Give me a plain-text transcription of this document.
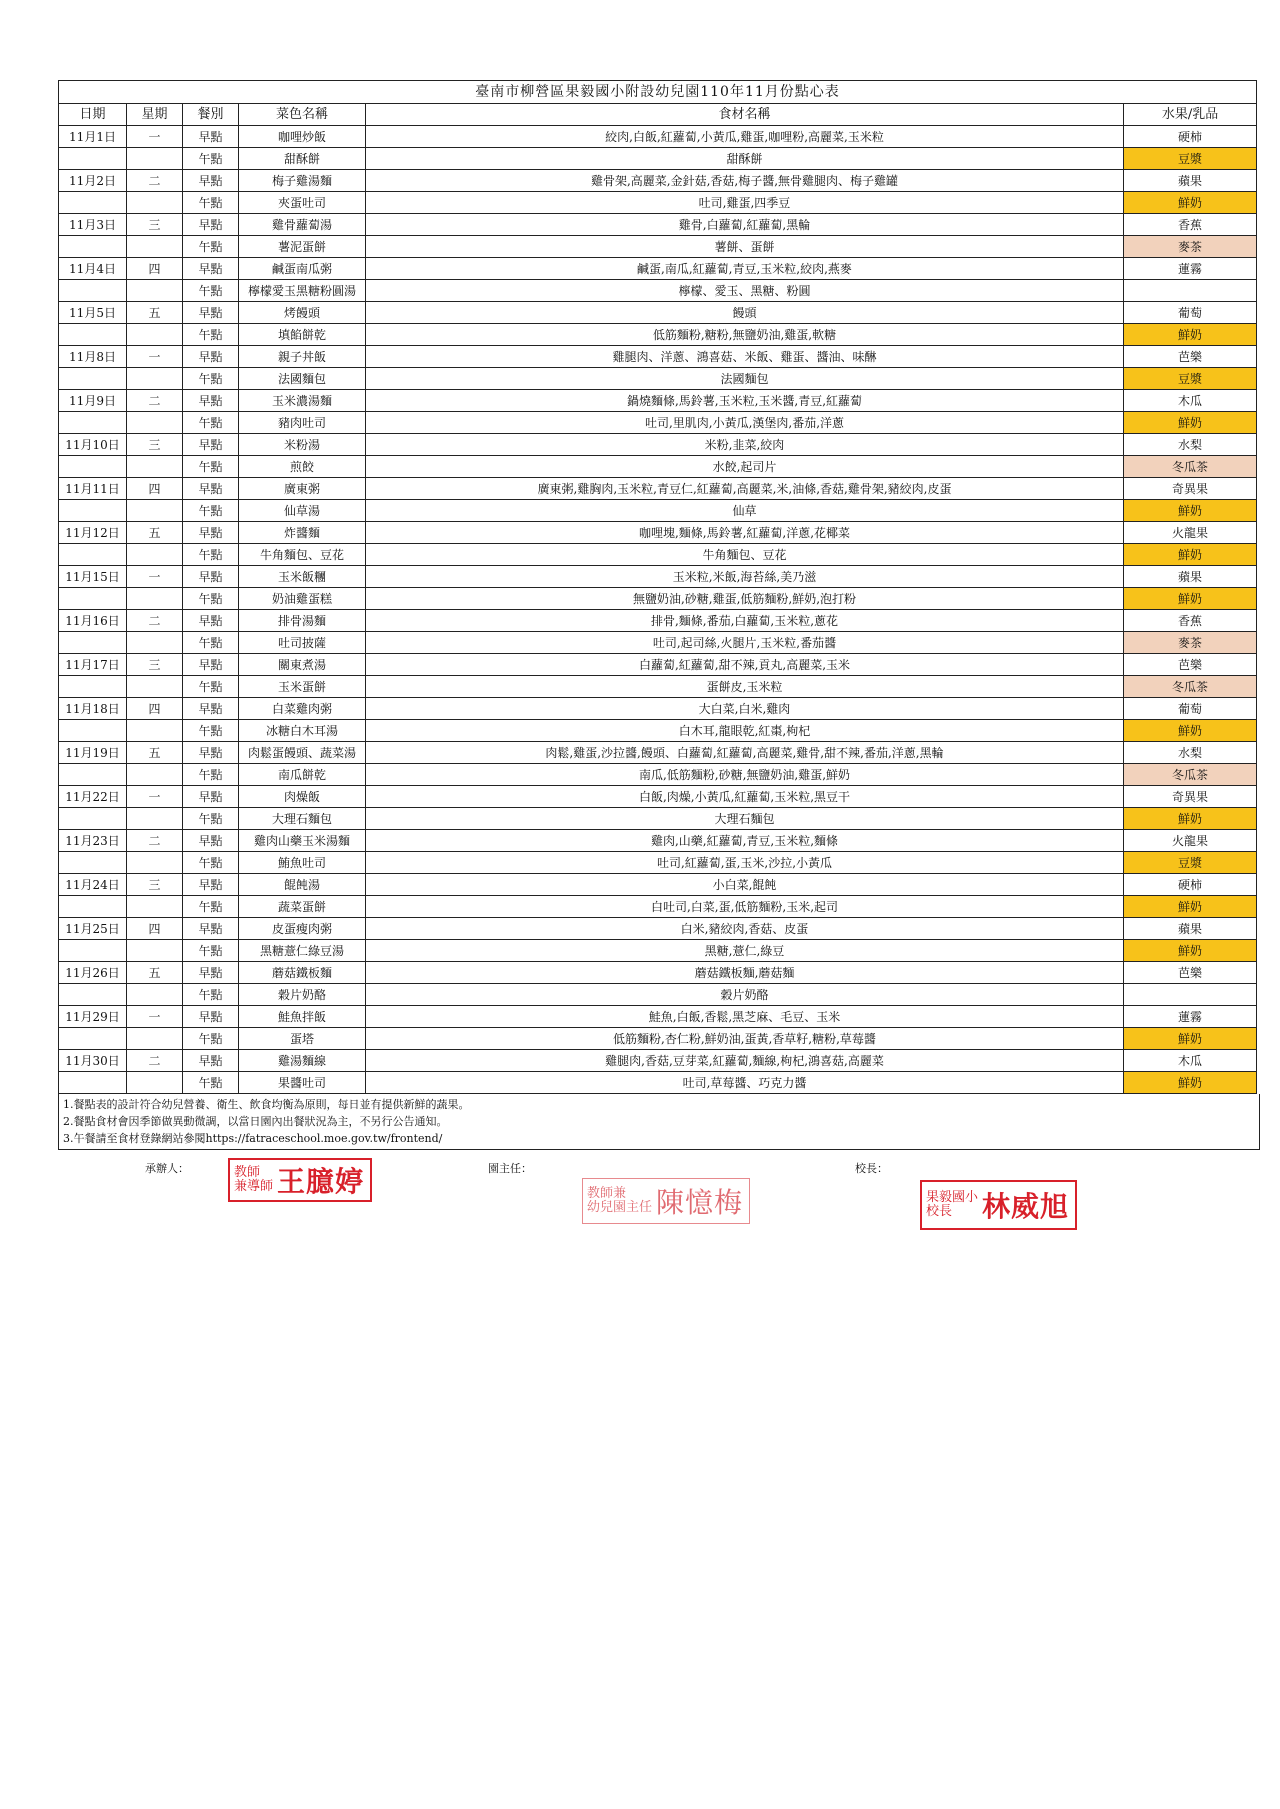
臺南市柳營區果毅國小附設幼兒園110年11月份點心表					
日期	星期	餐別	菜色名稱	食材名稱	水果/乳品
11月1日	一	早點	咖哩炒飯	絞肉,白飯,紅蘿蔔,小黃瓜,雞蛋,咖哩粉,高麗菜,玉米粒	硬柿
		午點	甜酥餅	甜酥餅	豆漿
11月2日	二	早點	梅子雞湯麵	雞骨架,高麗菜,金針菇,香菇,梅子醬,無骨雞腿肉、梅子雞罐	蘋果
		午點	夾蛋吐司	吐司,雞蛋,四季豆	鮮奶
11月3日	三	早點	雞骨蘿蔔湯	雞骨,白蘿蔔,紅蘿蔔,黑輪	香蕉
		午點	薯泥蛋餅	薯餅、蛋餅	麥茶
11月4日	四	早點	鹹蛋南瓜粥	鹹蛋,南瓜,紅蘿蔔,青豆,玉米粒,絞肉,燕麥	蓮霧
		午點	檸檬愛玉黑糖粉圓湯	檸檬、愛玉、黑糖、粉圓	
11月5日	五	早點	烤饅頭	饅頭	葡萄
		午點	填餡餅乾	低筋麵粉,糖粉,無鹽奶油,雞蛋,軟糖	鮮奶
11月8日	一	早點	親子丼飯	雞腿肉、洋蔥、鴻喜菇、米飯、雞蛋、醬油、味醂	芭樂
		午點	法國麵包	法國麵包	豆漿
11月9日	二	早點	玉米濃湯麵	鍋燒麵條,馬鈴薯,玉米粒,玉米醬,青豆,紅蘿蔔	木瓜
		午點	豬肉吐司	吐司,里肌肉,小黃瓜,漢堡肉,番茄,洋蔥	鮮奶
11月10日	三	早點	米粉湯	米粉,韭菜,絞肉	水梨
		午點	煎餃	水餃,起司片	冬瓜茶
11月11日	四	早點	廣東粥	廣東粥,雞胸肉,玉米粒,青豆仁,紅蘿蔔,高麗菜,米,油條,香菇,雞骨架,豬絞肉,皮蛋	奇異果
		午點	仙草湯	仙草	鮮奶
11月12日	五	早點	炸醬麵	咖哩塊,麵條,馬鈴薯,紅蘿蔔,洋蔥,花椰菜	火龍果
		午點	牛角麵包、豆花	牛角麵包、豆花	鮮奶
11月15日	一	早點	玉米飯糰	玉米粒,米飯,海苔絲,美乃滋	蘋果
		午點	奶油雞蛋糕	無鹽奶油,砂糖,雞蛋,低筋麵粉,鮮奶,泡打粉	鮮奶
11月16日	二	早點	排骨湯麵	排骨,麵條,番茄,白蘿蔔,玉米粒,蔥花	香蕉
		午點	吐司披薩	吐司,起司絲,火腿片,玉米粒,番茄醬	麥茶
11月17日	三	早點	關東煮湯	白蘿蔔,紅蘿蔔,甜不辣,貢丸,高麗菜,玉米	芭樂
		午點	玉米蛋餅	蛋餅皮,玉米粒	冬瓜茶
11月18日	四	早點	白菜雞肉粥	大白菜,白米,雞肉	葡萄
		午點	冰糖白木耳湯	白木耳,龍眼乾,紅棗,枸杞	鮮奶
11月19日	五	早點	肉鬆蛋饅頭、蔬菜湯	肉鬆,雞蛋,沙拉醬,饅頭、白蘿蔔,紅蘿蔔,高麗菜,雞骨,甜不辣,番茄,洋蔥,黑輪	水梨
		午點	南瓜餅乾	南瓜,低筋麵粉,砂糖,無鹽奶油,雞蛋,鮮奶	冬瓜茶
11月22日	一	早點	肉燥飯	白飯,肉燥,小黃瓜,紅蘿蔔,玉米粒,黑豆干	奇異果
		午點	大理石麵包	大理石麵包	鮮奶
11月23日	二	早點	雞肉山藥玉米湯麵	雞肉,山藥,紅蘿蔔,青豆,玉米粒,麵條	火龍果
		午點	鮪魚吐司	吐司,紅蘿蔔,蛋,玉米,沙拉,小黃瓜	豆漿
11月24日	三	早點	餛飩湯	小白菜,餛飩	硬柿
		午點	蔬菜蛋餅	白吐司,白菜,蛋,低筋麵粉,玉米,起司	鮮奶
11月25日	四	早點	皮蛋瘦肉粥	白米,豬絞肉,香菇、皮蛋	蘋果
		午點	黑糖薏仁綠豆湯	黑糖,薏仁,綠豆	鮮奶
11月26日	五	早點	蘑菇鐵板麵	蘑菇鐵板麵,蘑菇麵	芭樂
		午點	穀片奶酪	穀片奶酪	
11月29日	一	早點	鮭魚拌飯	鮭魚,白飯,香鬆,黑芝麻、毛豆、玉米	蓮霧
		午點	蛋塔	低筋麵粉,杏仁粉,鮮奶油,蛋黃,香草籽,糖粉,草莓醬	鮮奶
11月30日	二	早點	雞湯麵線	雞腿肉,香菇,豆芽菜,紅蘿蔔,麵線,枸杞,鴻喜菇,高麗菜	木瓜
		午點	果醬吐司	吐司,草莓醬、巧克力醬	鮮奶
1.餐點表的設計符合幼兒營養、衛生、飲食均衡為原則，每日並有提供新鮮的蔬果。
2.餐點食材會因季節做異動微調，以當日園內出餐狀況為主，不另行公告通知。
3.午餐請至食材登錄網站參閱https://fatraceschool.moe.gov.tw/frontend/
承辦人：	教師
兼導師 王臆婷	園主任：
教師兼
幼兒園主任 陳憶梅
校長：
果毅國小
校長	林威旭
